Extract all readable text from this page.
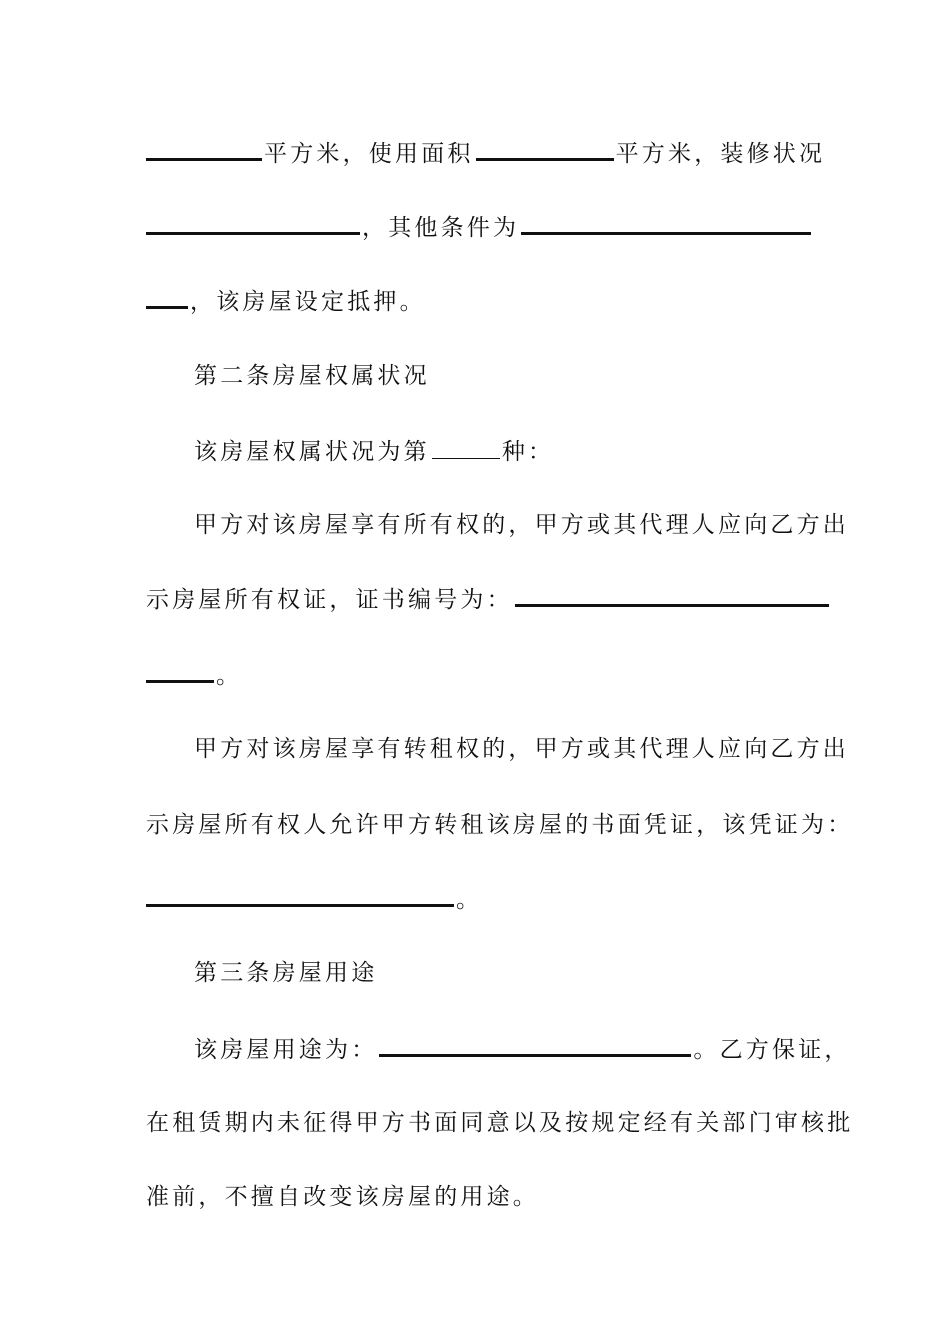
平方米，使用面积	平方米，装修状况
，其他条件为
，该房屋设定抵押。
第二条房屋权属状况
该房屋权属状况为第	种：
甲方对该房屋享有所有权的，甲方或其代理人应向乙方出
示房屋所有权证，证书编号为：
。
甲方对该房屋享有转租权的，甲方或其代理人应向乙方出
示房屋所有权人允许甲方转租该房屋的书面凭证，该凭证为：
。
第三条房屋用途
该房屋用途为：	。乙方保证，
在租赁期内未征得甲方书面同意以及按规定经有关部门审核批
准前，不擅自改变该房屋的用途。
